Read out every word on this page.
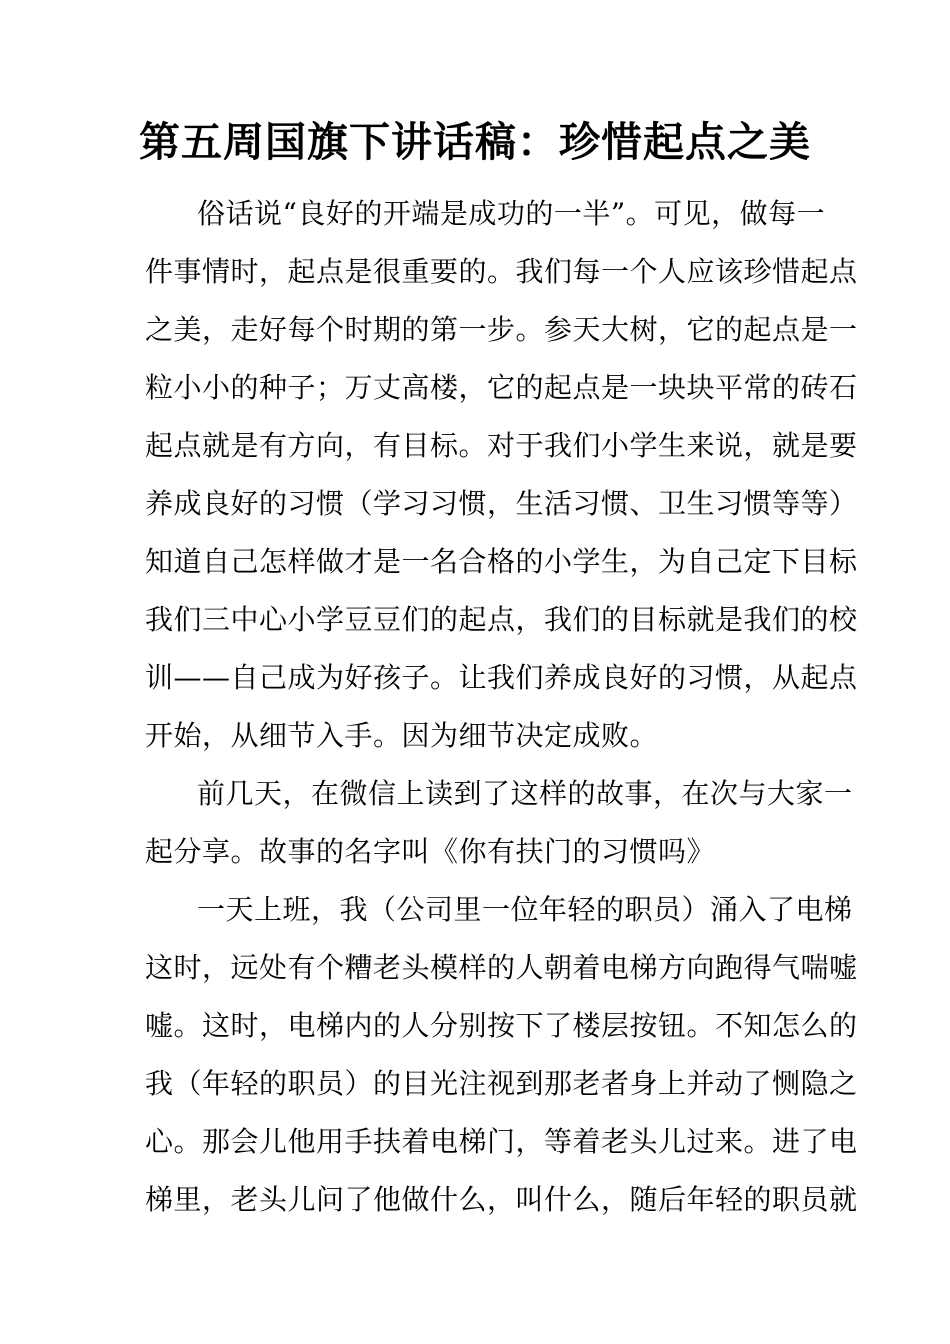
第五周国旗下讲话稿：珍惜起点之美
俗话说“良好的开端是成功的一半”。可见，做每一
件事情时，起点是很重要的。我们每一个人应该珍惜起点
之美，走好每个时期的第一步。参天大树，它的起点是一
粒小小的种子；万丈高楼，它的起点是一块块平常的砖石
起点就是有方向，有目标。对于我们小学生来说，就是要
养成良好的习惯（学习习惯，生活习惯、卫生习惯等等）
知道自己怎样做才是一名合格的小学生，为自己定下目标
我们三中心小学豆豆们的起点，我们的目标就是我们的校
训——自己成为好孩子。让我们养成良好的习惯，从起点
开始，从细节入手。因为细节决定成败。
前几天，在微信上读到了这样的故事，在次与大家一
起分享。故事的名字叫《你有扶门的习惯吗》
一天上班，我（公司里一位年轻的职员）涌入了电梯
这时，远处有个糟老头模样的人朝着电梯方向跑得气喘嘘
嘘。这时，电梯内的人分别按下了楼层按钮。不知怎么的
我（年轻的职员）的目光注视到那老者身上并动了恻隐之
心。那会儿他用手扶着电梯门，等着老头儿过来。进了电
梯里，老头儿问了他做什么，叫什么，随后年轻的职员就
